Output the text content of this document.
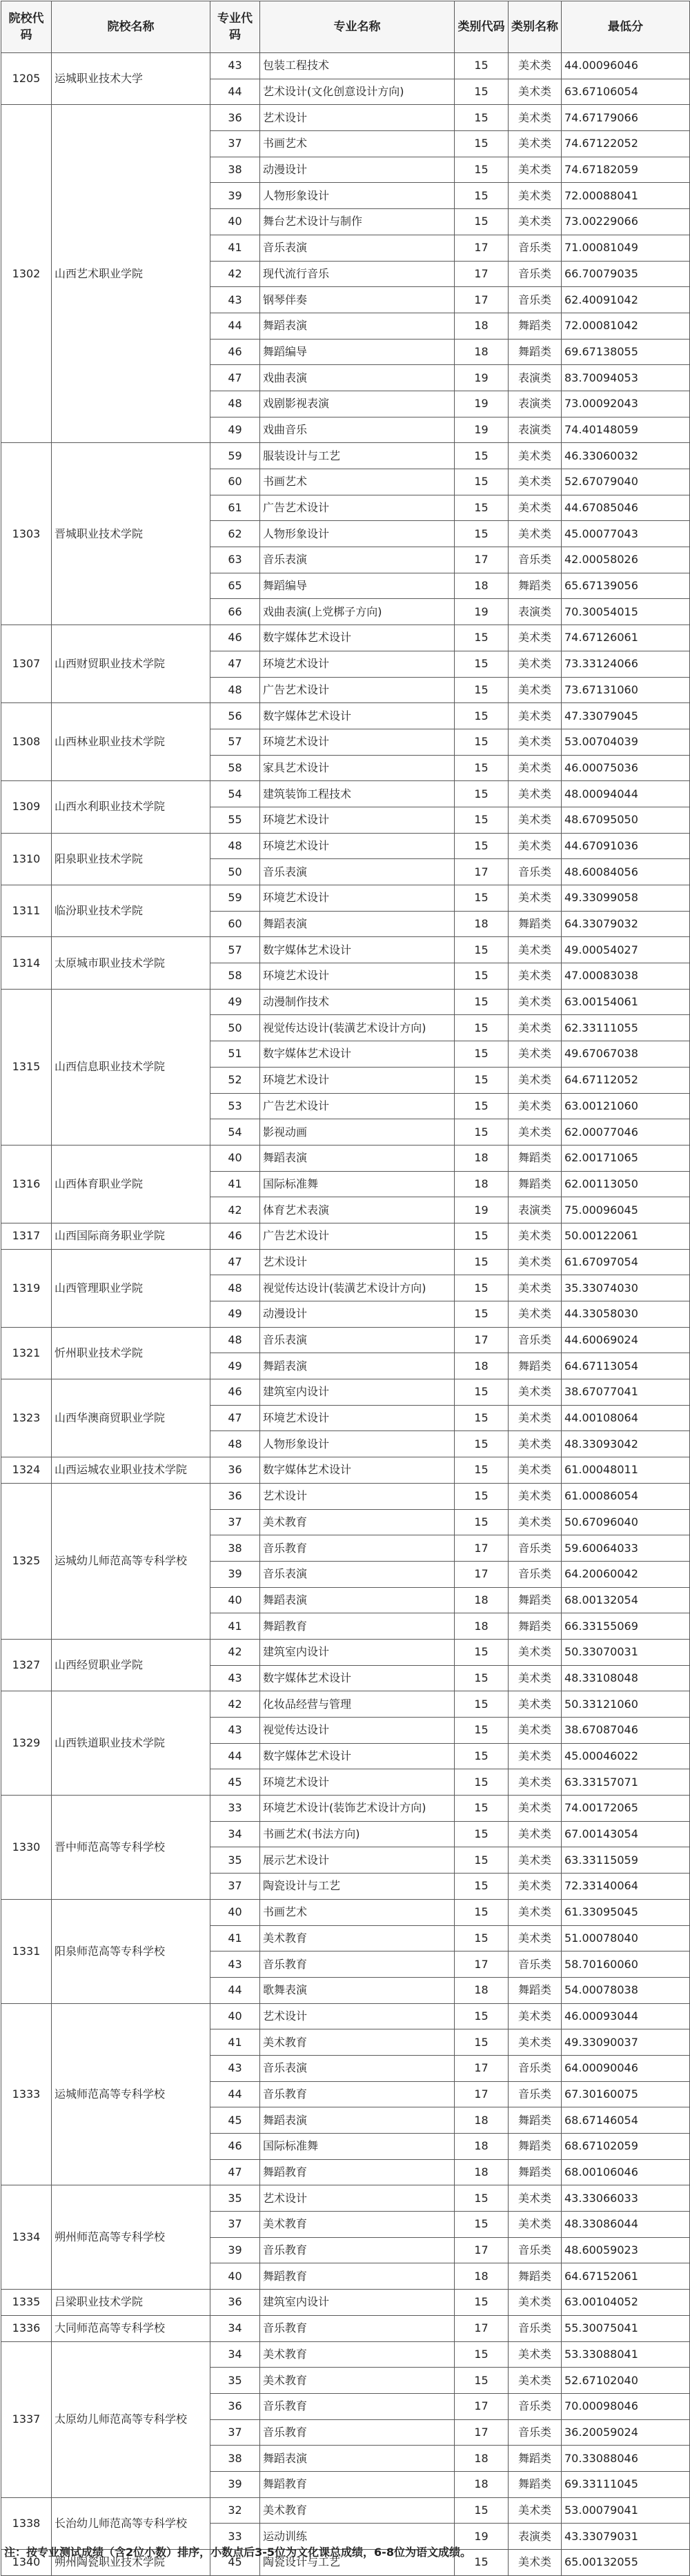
院校代码	院校名称	专业代码	专业名称	类别代码	类别名称	最低分
1205	运城职业技术大学	43	包装工程技术	15	美术类	44.00096046
		44	艺术设计(文化创意设计方向)	15	美术类	63.67106054
1302	山西艺术职业学院	36	艺术设计	15	美术类	74.67179066
		37	书画艺术	15	美术类	74.67122052
		38	动漫设计	15	美术类	74.67182059
		39	人物形象设计	15	美术类	72.00088041
		40	舞台艺术设计与制作	15	美术类	73.00229066
		41	音乐表演	17	音乐类	71.00081049
		42	现代流行音乐	17	音乐类	66.70079035
		43	钢琴伴奏	17	音乐类	62.40091042
		44	舞蹈表演	18	舞蹈类	72.00081042
		46	舞蹈编导	18	舞蹈类	69.67138055
		47	戏曲表演	19	表演类	83.70094053
		48	戏剧影视表演	19	表演类	73.00092043
		49	戏曲音乐	19	表演类	74.40148059
1303	晋城职业技术学院	59	服装设计与工艺	15	美术类	46.33060032
		60	书画艺术	15	美术类	52.67079040
		61	广告艺术设计	15	美术类	44.67085046
		62	人物形象设计	15	美术类	45.00077043
		63	音乐表演	17	音乐类	42.00058026
		65	舞蹈编导	18	舞蹈类	65.67139056
		66	戏曲表演(上党梆子方向)	19	表演类	70.30054015
1307	山西财贸职业技术学院	46	数字媒体艺术设计	15	美术类	74.67126061
		47	环境艺术设计	15	美术类	73.33124066
		48	广告艺术设计	15	美术类	73.67131060
1308	山西林业职业技术学院	56	数字媒体艺术设计	15	美术类	47.33079045
		57	环境艺术设计	15	美术类	53.00704039
		58	家具艺术设计	15	美术类	46.00075036
1309	山西水利职业技术学院	54	建筑装饰工程技术	15	美术类	48.00094044
		55	环境艺术设计	15	美术类	48.67095050
1310	阳泉职业技术学院	48	环境艺术设计	15	美术类	44.67091036
		50	音乐表演	17	音乐类	48.60084056
1311	临汾职业技术学院	59	环境艺术设计	15	美术类	49.33099058
		60	舞蹈表演	18	舞蹈类	64.33079032
1314	太原城市职业技术学院	57	数字媒体艺术设计	15	美术类	49.00054027
		58	环境艺术设计	15	美术类	47.00083038
1315	山西信息职业技术学院	49	动漫制作技术	15	美术类	63.00154061
		50	视觉传达设计(装潢艺术设计方向)	15	美术类	62.33111055
		51	数字媒体艺术设计	15	美术类	49.67067038
		52	环境艺术设计	15	美术类	64.67112052
		53	广告艺术设计	15	美术类	63.00121060
		54	影视动画	15	美术类	62.00077046
1316	山西体育职业学院	40	舞蹈表演	18	舞蹈类	62.00171065
		41	国际标准舞	18	舞蹈类	62.00113050
		42	体育艺术表演	19	表演类	75.00096045
1317	山西国际商务职业学院	46	广告艺术设计	15	美术类	50.00122061
1319	山西管理职业学院	47	艺术设计	15	美术类	61.67097054
		48	视觉传达设计(装潢艺术设计方向)	15	美术类	35.33074030
		49	动漫设计	15	美术类	44.33058030
1321	忻州职业技术学院	48	音乐表演	17	音乐类	44.60069024
		49	舞蹈表演	18	舞蹈类	64.67113054
1323	山西华澳商贸职业学院	46	建筑室内设计	15	美术类	38.67077041
		47	环境艺术设计	15	美术类	44.00108064
		48	人物形象设计	15	美术类	48.33093042
1324	山西运城农业职业技术学院	36	数字媒体艺术设计	15	美术类	61.00048011
1325	运城幼儿师范高等专科学校	36	艺术设计	15	美术类	61.00086054
		37	美术教育	15	美术类	50.67096040
		38	音乐教育	17	音乐类	59.60064033
		39	音乐表演	17	音乐类	64.20060042
		40	舞蹈表演	18	舞蹈类	68.00132054
		41	舞蹈教育	18	舞蹈类	66.33155069
1327	山西经贸职业学院	42	建筑室内设计	15	美术类	50.33070031
		43	数字媒体艺术设计	15	美术类	48.33108048
1329	山西铁道职业技术学院	42	化妆品经营与管理	15	美术类	50.33121060
		43	视觉传达设计	15	美术类	38.67087046
		44	数字媒体艺术设计	15	美术类	45.00046022
		45	环境艺术设计	15	美术类	63.33157071
1330	晋中师范高等专科学校	33	环境艺术设计(装饰艺术设计方向)	15	美术类	74.00172065
		34	书画艺术(书法方向)	15	美术类	67.00143054
		35	展示艺术设计	15	美术类	63.33115059
		37	陶瓷设计与工艺	15	美术类	72.33140064
1331	阳泉师范高等专科学校	40	书画艺术	15	美术类	61.33095045
		41	美术教育	15	美术类	51.00078040
		43	音乐教育	17	音乐类	58.70160060
		44	歌舞表演	18	舞蹈类	54.00078038
1333	运城师范高等专科学校	40	艺术设计	15	美术类	46.00093044
		41	美术教育	15	美术类	49.33090037
		43	音乐表演	17	音乐类	64.00090046
		44	音乐教育	17	音乐类	67.30160075
		45	舞蹈表演	18	舞蹈类	68.67146054
		46	国际标准舞	18	舞蹈类	68.67102059
		47	舞蹈教育	18	舞蹈类	68.00106046
1334	朔州师范高等专科学校	35	艺术设计	15	美术类	43.33066033
		37	美术教育	15	美术类	48.33086044
		39	音乐教育	17	音乐类	48.60059023
		40	舞蹈教育	18	舞蹈类	64.67152061
1335	吕梁职业技术学院	36	建筑室内设计	15	美术类	63.00104052
1336	大同师范高等专科学校	34	音乐教育	17	音乐类	55.30075041
1337	太原幼儿师范高等专科学校	34	美术教育	15	美术类	53.33088041
		35	美术教育	15	美术类	52.67102040
		36	音乐教育	17	音乐类	70.00098046
		37	音乐教育	17	音乐类	36.20059024
		38	舞蹈表演	18	舞蹈类	70.33088046
		39	舞蹈教育	18	舞蹈类	69.33111045
1338	长治幼儿师范高等专科学校	32	美术教育	15	美术类	53.00079041
		33	运动训练	19	表演类	43.33079031
1340	朔州陶瓷职业技术学院	45	陶瓷设计与工艺	15	美术类	65.00132055
注：按专业测试成绩（含2位小数）排序，小数点后3-5位为文化课总成绩，6-8位为语文成绩。
